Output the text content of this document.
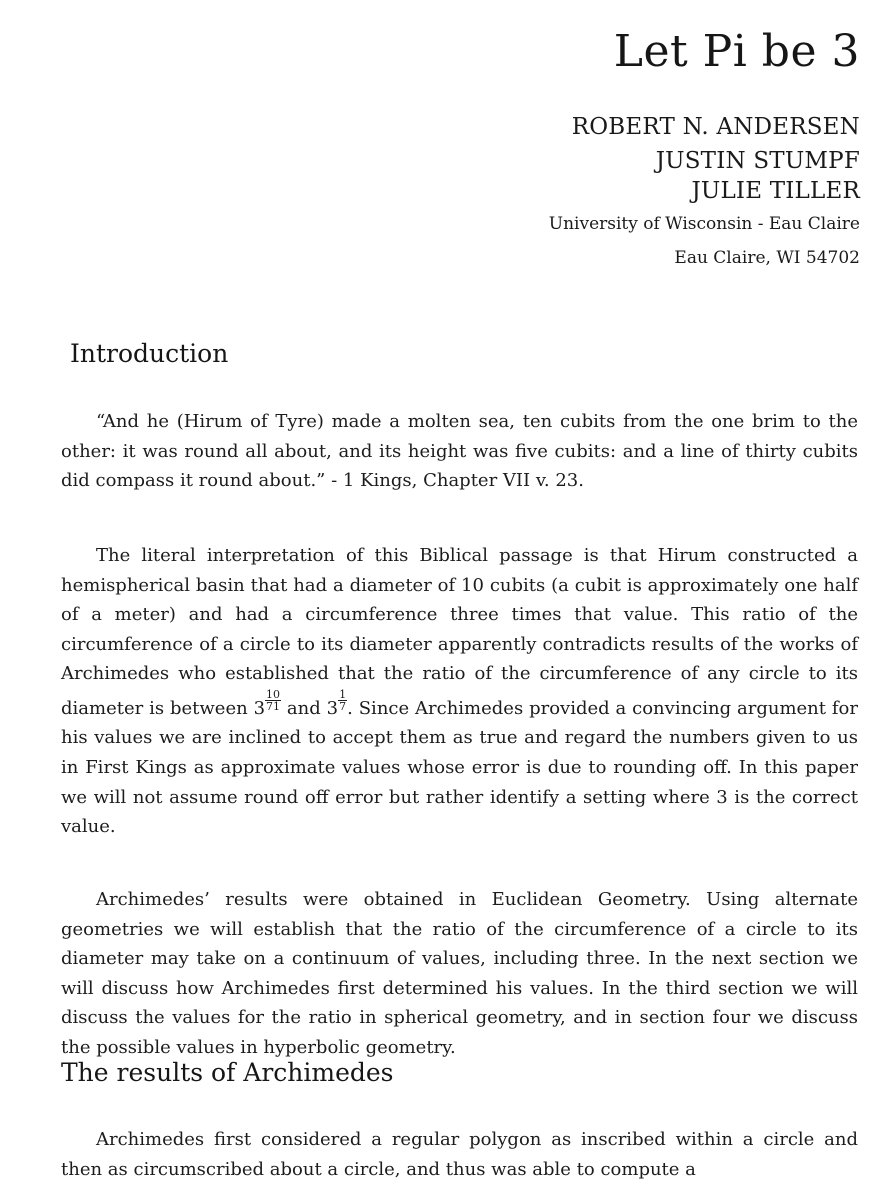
Let Pi be 3
ROBERT N. ANDERSEN
JUSTIN STUMPF
JULIE TILLER
University of Wisconsin - Eau Claire
Eau Claire, WI 54702
Introduction

“And he (Hirum of Tyre) made a molten sea, ten cubits from the one brim to the other: it was round all about, and its height was five cubits: and a line of thirty cubits did compass it round about.” - 1 Kings, Chapter VII v. 23.

The literal interpretation of this Biblical passage is that Hirum constructed a hemispherical basin that had a diameter of 10 cubits (a cubit is approximately one half of a meter) and had a circumference three times that value. This ratio of the circumference of a circle to its diameter apparently contradicts results of the works of Archimedes who established that the ratio of the circumference of any circle to its diameter is between $3 \frac{10}{71}$ and $3 \frac{1}{7}$ . Since Archimedes provided a convincing argument for his values we are inclined to accept them as true and regard the numbers given to us in First Kings as approximate values whose error is due to rounding off. In this paper we will not assume round off error but rather identify a setting where 3 is the correct value.

Archimedes’ results were obtained in Euclidean Geometry. Using alternate geometries we will establish that the ratio of the circumference of a circle to its diameter may take on a continuum of values, including three. In the next section we will discuss how Archimedes first determined his values. In the third section we will discuss the values for the ratio in spherical geometry, and in section four we discuss the possible values in hyperbolic geometry.

The results of Archimedes

Archimedes first considered a regular polygon as inscribed within a circle and then as circumscribed about a circle, and thus was able to compute a
